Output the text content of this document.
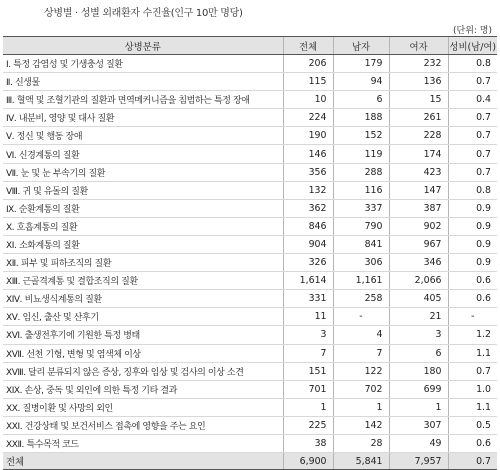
상병별 · 성별 외래환자 수진율(인구 10만 명당)
(단위: 명)
상병분류	전체	남자	여자	성비(남/여)
Ⅰ. 특정 감염성 및 기생충성 질환	206	179	232	0.8
Ⅱ. 신생물	115	94	136	0.7
Ⅲ. 혈액 및 조혈기관의 질환과 면역메커니즘을 침범하는 특정 장애	10	6	15	0.4
Ⅳ. 내분비, 영양 및 대사 질환	224	188	261	0.7
Ⅴ. 정신 및 행동 장애	190	152	228	0.7
Ⅵ. 신경계통의 질환	146	119	174	0.7
Ⅶ. 눈 및 눈 부속기의 질환	356	288	423	0.7
Ⅷ. 귀 및 유돌의 질환	132	116	147	0.8
Ⅸ. 순환계통의 질환	362	337	387	0.9
Ⅹ. 호흡계통의 질환	846	790	902	0.9
ⅩⅠ. 소화계통의 질환	904	841	967	0.9
ⅩⅡ. 피부 및 피하조직의 질환	326	306	346	0.9
ⅩⅢ. 근골격계통 및 결합조직의 질환	1,614	1,161	2,066	0.6
ⅩⅣ. 비뇨생식계통의 질환	331	258	405	0.6
ⅩⅤ. 임신, 출산 및 산후기	11	-	21	-
ⅩⅥ. 출생전후기에 기원한 특정 병태	3	4	3	1.2
ⅩⅦ. 선천 기형, 변형 및 염색체 이상	7	7	6	1.1
ⅩⅧ. 달리 분류되지 않은 증상, 징후와 임상 및 검사의 이상 소견	151	122	180	0.7
ⅩⅨ. 손상, 중독 및 외인에 의한 특정 기타 결과	701	702	699	1.0
ⅩⅩ. 질병이환 및 사망의 외인	1	1	1	1.1
ⅩⅩⅠ. 건강상태 및 보건서비스 접촉에 영향을 주는 요인	225	142	307	0.5
ⅩⅩⅡ. 특수목적 코드	38	28	49	0.6
전체	6,900	5,841	7,957	0.7
